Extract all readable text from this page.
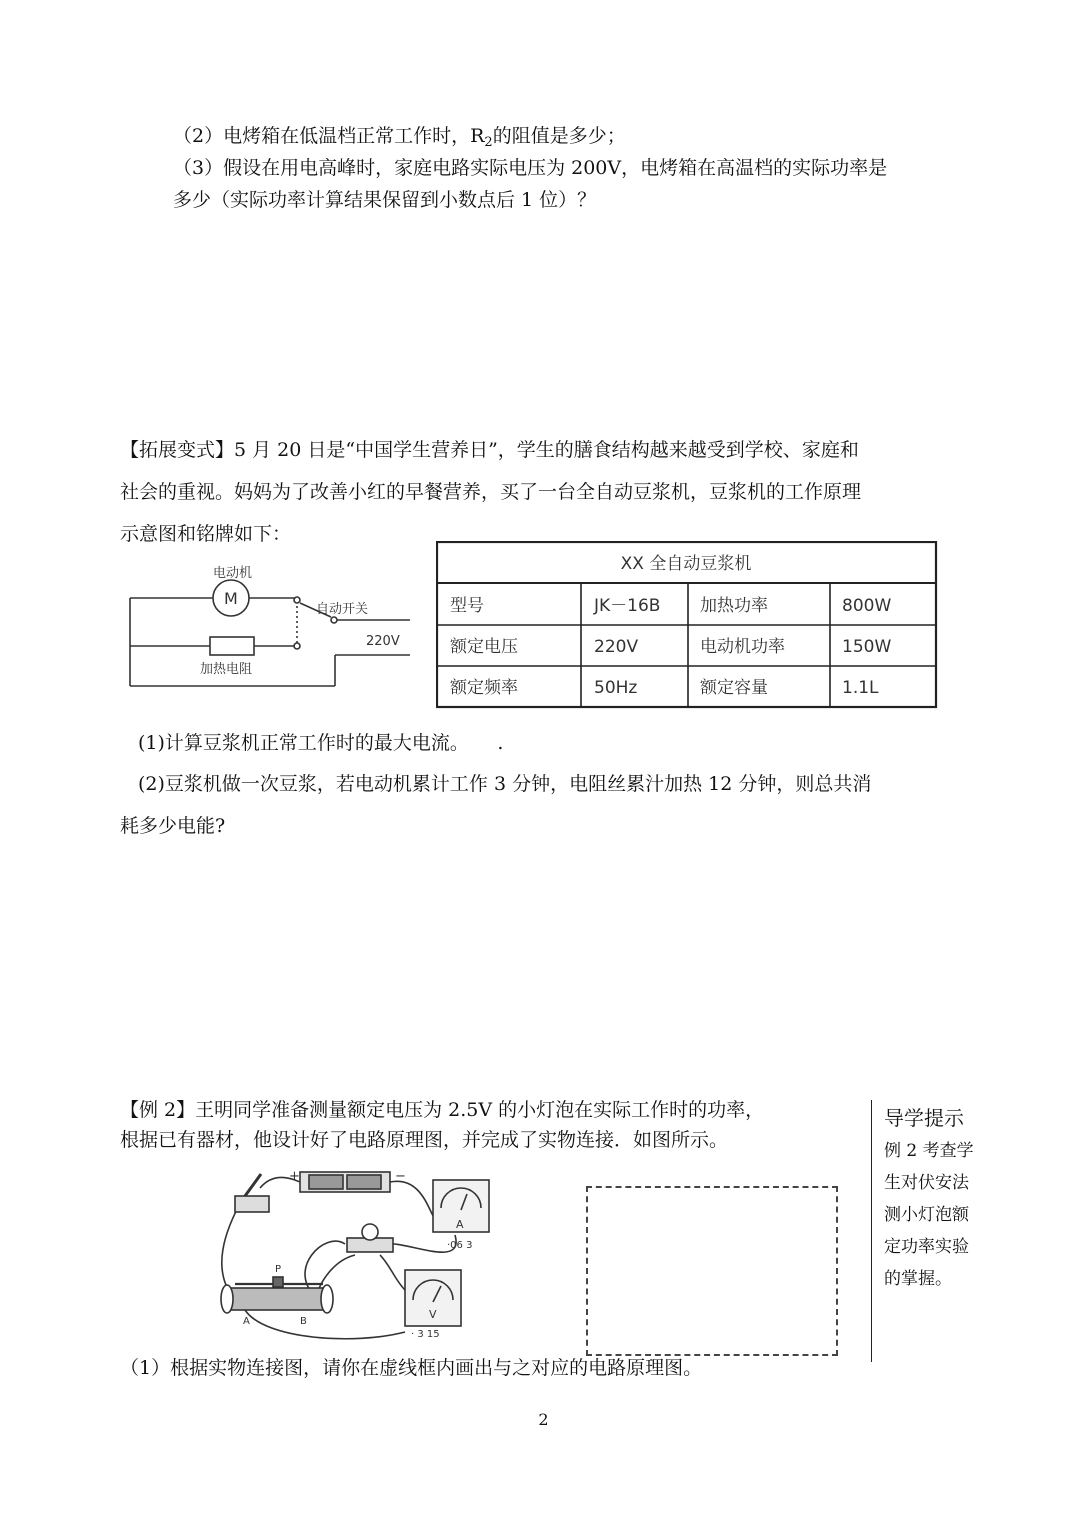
（2）电烤箱在低温档正常工作时，$R_2$的阻值是多少；
（3）假设在用电高峰时，家庭电路实际电压为 200V，电烤箱在高温档的实际功率是
多少（实际功率计算结果保留到小数点后 1 位）？
【拓展变式】5 月 20 日是“中国学生营养日”，学生的膳食结构越来越受到学校、家庭和
社会的重视。妈妈为了改善小红的早餐营养，买了一台全自动豆浆机，豆浆机的工作原理
示意图和铭牌如下：
电动机
M
自动开关
220V
加热电阻
XX 全自动豆浆机
型号	JK－16B 加热功率	800W
额定电压	220V	电动机功率	150W
额定频率	50Hz	额定容量	1.1L
(1)计算豆浆机正常工作时的最大电流。　　.
(2)豆浆机做一次豆浆，若电动机累计工作 3 分钟，电阻丝累汁加热 12 分钟，则总共消
耗多少电能?
【例 2】王明同学准备测量额定电压为 2.5V 的小灯泡在实际工作时的功率，
根据已有器材，他设计好了电路原理图，并完成了实物连接．如图所示。
+	−
A
·06 3
V
· 3 15
P
A	B
（1）根据实物连接图，请你在虚线框内画出与之对应的电路原理图。
导学提示
例 2 考查学
生对伏安法
测小灯泡额
定功率实验
的掌握。
2
